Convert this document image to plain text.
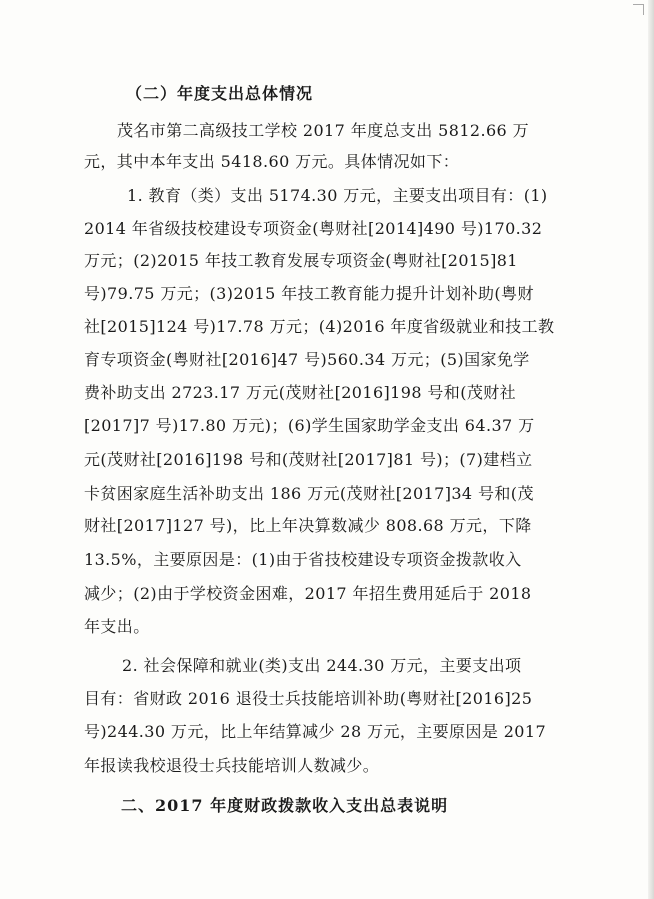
（二）年度支出总体情况
茂名市第二高级技工学校 2017 年度总支出 5812.66 万
元，其中本年支出 5418.60 万元。具体情况如下：
1. 教育（类）支出 5174.30 万元，主要支出项目有：(1)
2014 年省级技校建设专项资金(粤财社[2014]490 号)170.32
万元；(2)2015 年技工教育发展专项资金(粤财社[2015]81
号)79.75 万元；(3)2015 年技工教育能力提升计划补助(粤财
社[2015]124 号)17.78 万元；(4)2016 年度省级就业和技工教
育专项资金(粤财社[2016]47 号)560.34 万元；(5)国家免学
费补助支出 2723.17 万元(茂财社[2016]198 号和(茂财社
[2017]7 号)17.80 万元)；(6)学生国家助学金支出 64.37 万
元(茂财社[2016]198 号和(茂财社[2017]81 号)；(7)建档立
卡贫困家庭生活补助支出 186 万元(茂财社[2017]34 号和(茂
财社[2017]127 号)，比上年决算数减少 808.68 万元，下降
13.5%，主要原因是：(1)由于省技校建设专项资金拨款收入
减少；(2)由于学校资金困难，2017 年招生费用延后于 2018
年支出。
2. 社会保障和就业(类)支出 244.30 万元，主要支出项
目有：省财政 2016 退役士兵技能培训补助(粤财社[2016]25
号)244.30 万元，比上年结算减少 28 万元，主要原因是 2017
年报读我校退役士兵技能培训人数减少。
二、2017 年度财政拨款收入支出总表说明
